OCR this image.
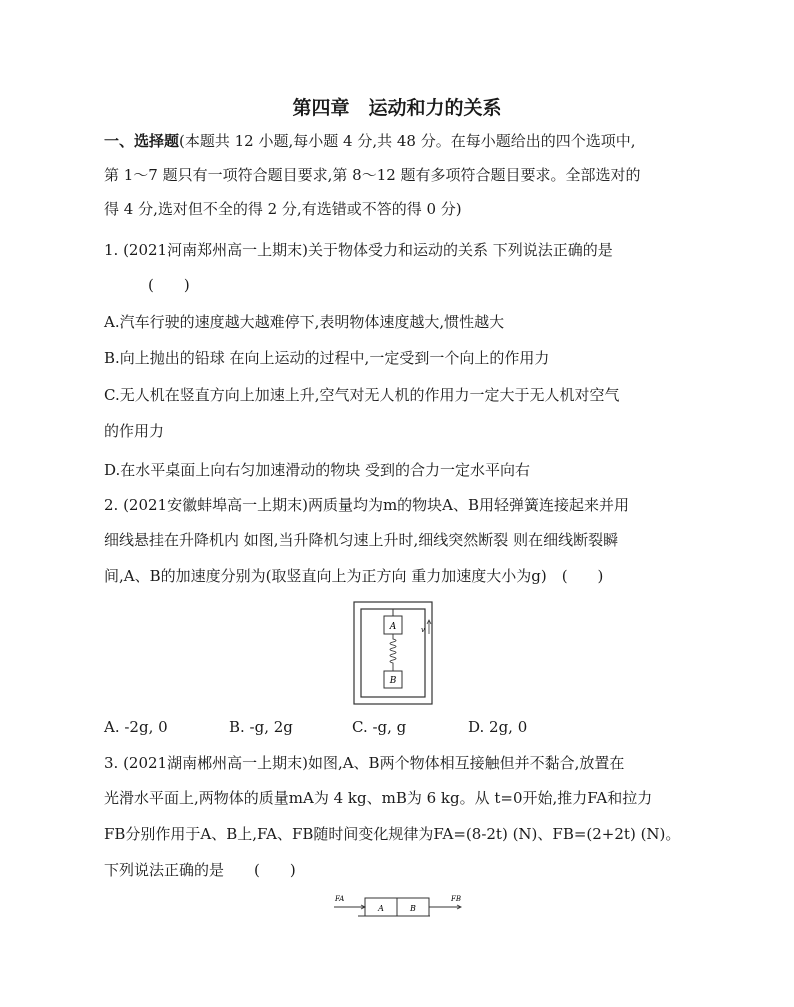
第四章　运动和力的关系
一、选择题(本题共 12 小题,每小题 4 分,共 48 分。在每小题给出的四个选项中,
第 1～7 题只有一项符合题目要求,第 8～12 题有多项符合题目要求。全部选对的
得 4 分,选对但不全的得 2 分,有选错或不答的得 0 分)
1. (2021河南郑州高一上期末)关于物体受力和运动的关系 下列说法正确的是
(　　)
A.汽车行驶的速度越大越难停下,表明物体速度越大,惯性越大
B.向上抛出的铅球 在向上运动的过程中,一定受到一个向上的作用力
C.无人机在竖直方向上加速上升,空气对无人机的作用力一定大于无人机对空气
的作用力
D.在水平桌面上向右匀加速滑动的物块 受到的合力一定水平向右
2. (2021安徽蚌埠高一上期末)两质量均为m的物块A、B用轻弹簧连接起来并用
细线悬挂在升降机内 如图,当升降机匀速上升时,细线突然断裂 则在细线断裂瞬
间,A、B的加速度分别为(取竖直向上为正方向 重力加速度大小为g)　(　　)
A
B
v
A. -2g, 0	B. -g, 2g	C. -g, g	D. 2g, 0
3. (2021湖南郴州高一上期末)如图,A、B两个物体相互接触但并不黏合,放置在
光滑水平面上,两物体的质量mA为 4 kg、mB为 6 kg。从 t=0开始,推力FA和拉力
FB分别作用于A、B上,FA、FB随时间变化规律为FA=(8-2t) (N)、FB=(2+2t) (N)。
下列说法正确的是　　(　　)
A	B
FA	FB
